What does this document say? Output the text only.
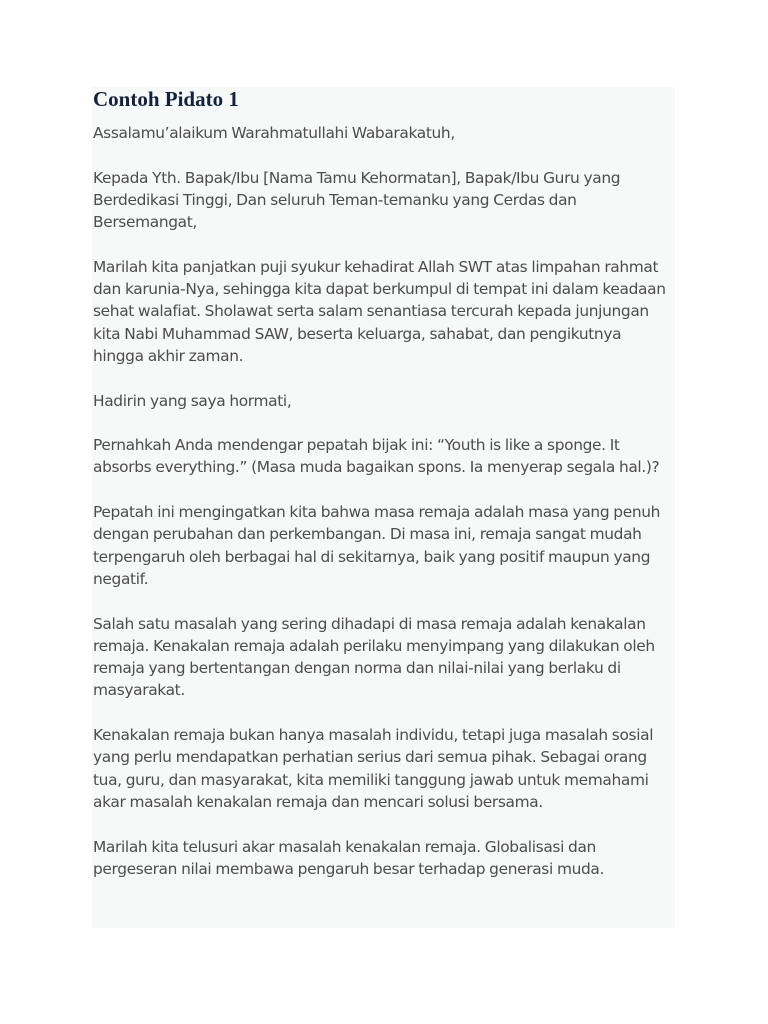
Contoh Pidato 1

Assalamu’alaikum Warahmatullahi Wabarakatuh,

Kepada Yth. Bapak/Ibu [Nama Tamu Kehormatan], Bapak/Ibu Guru yang Berdedikasi Tinggi, Dan seluruh Teman-temanku yang Cerdas dan Bersemangat,

Marilah kita panjatkan puji syukur kehadirat Allah SWT atas limpahan rahmat dan karunia-Nya, sehingga kita dapat berkumpul di tempat ini dalam keadaan sehat walafiat. Sholawat serta salam senantiasa tercurah kepada junjungan kita Nabi Muhammad SAW, beserta keluarga, sahabat, dan pengikutnya hingga akhir zaman.

Hadirin yang saya hormati,

Pernahkah Anda mendengar pepatah bijak ini: “Youth is like a sponge. It absorbs everything.” (Masa muda bagaikan spons. Ia menyerap segala hal.)?

Pepatah ini mengingatkan kita bahwa masa remaja adalah masa yang penuh dengan perubahan dan perkembangan. Di masa ini, remaja sangat mudah terpengaruh oleh berbagai hal di sekitarnya, baik yang positif maupun yang negatif.

Salah satu masalah yang sering dihadapi di masa remaja adalah kenakalan remaja. Kenakalan remaja adalah perilaku menyimpang yang dilakukan oleh remaja yang bertentangan dengan norma dan nilai-nilai yang berlaku di masyarakat.

Kenakalan remaja bukan hanya masalah individu, tetapi juga masalah sosial yang perlu mendapatkan perhatian serius dari semua pihak. Sebagai orang tua, guru, dan masyarakat, kita memiliki tanggung jawab untuk memahami akar masalah kenakalan remaja dan mencari solusi bersama.

Marilah kita telusuri akar masalah kenakalan remaja. Globalisasi dan pergeseran nilai membawa pengaruh besar terhadap generasi muda.
